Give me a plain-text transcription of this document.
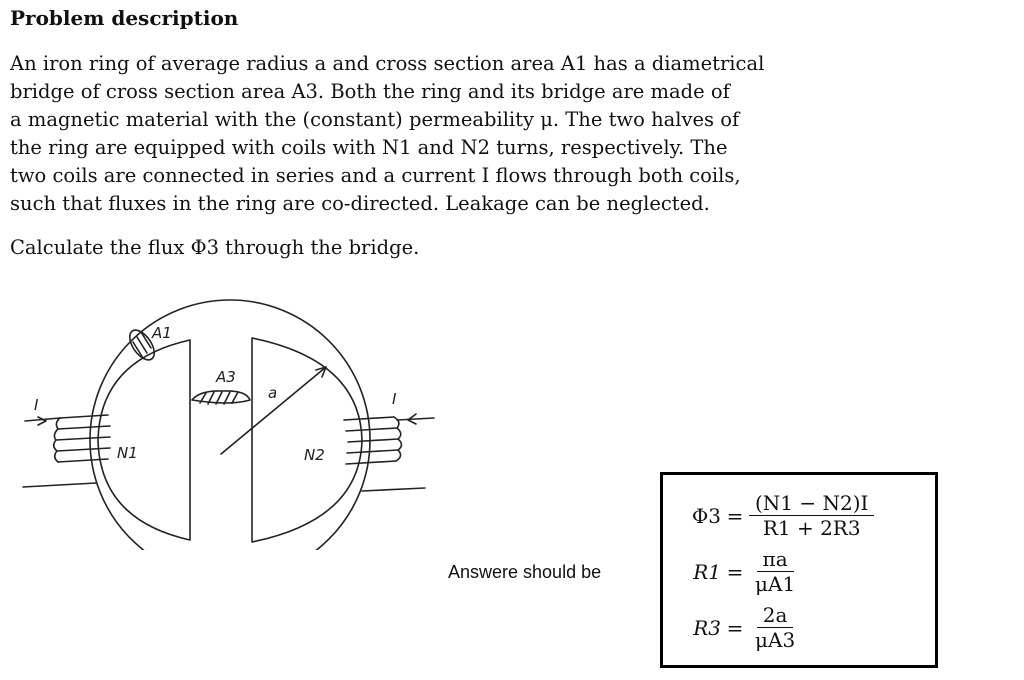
Problem description

An iron ring of average radius a and cross section area A1 has a diametrical
bridge of cross section area A3. Both the ring and its bridge are made of
a magnetic material with the (constant) permeability μ. The two halves of
the ring are equipped with coils with N1 and N2 turns, respectively. The
two coils are connected in series and a current I flows through both coils,
such that fluxes in the ring are co-directed. Leakage can be neglected.

Calculate the flux Φ3 through the bridge.

I	I
A1
A3
a
N1	N2
Answere should be
$\Phi 3 = \frac{(N1 - N2)I}{R1 + 2R3}$
$R1 = \frac{\pi a}{\mu A1}$
$R3 = \frac{2a}{\mu A3}$
